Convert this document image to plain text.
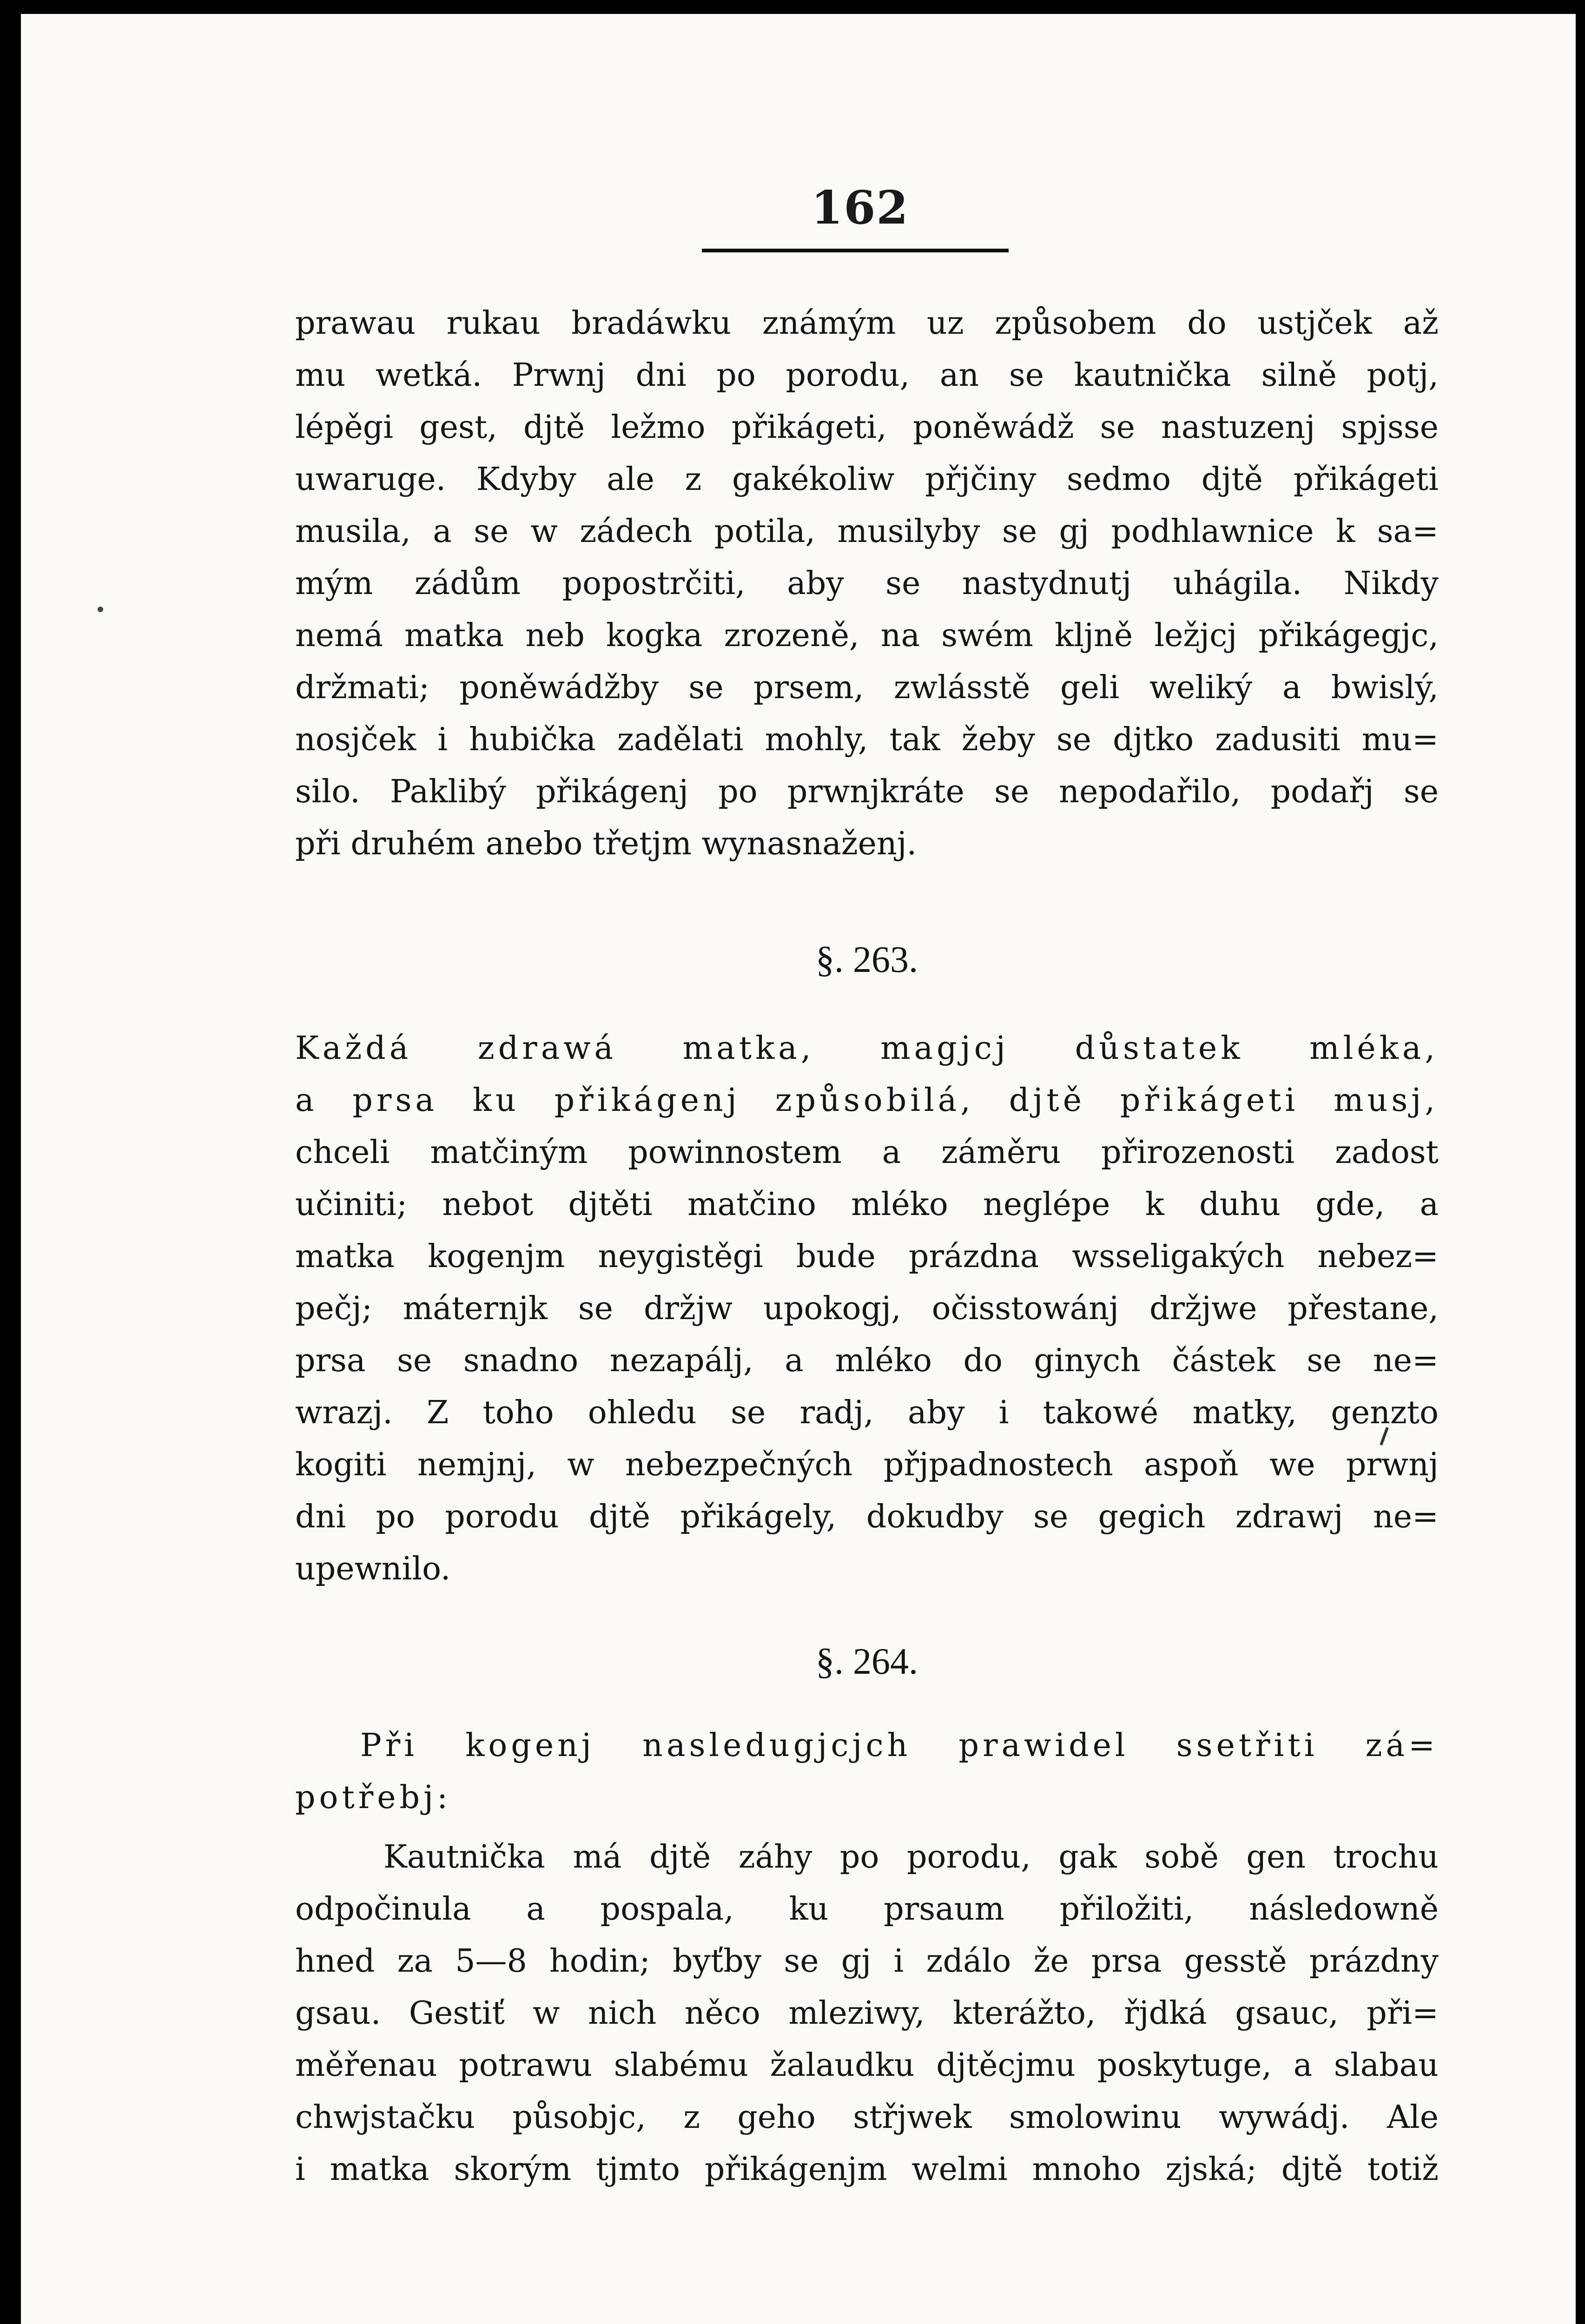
162
prawau rukau bradáwku známým uz způsobem do ustjček až
mu wetká. Prwnj dni po porodu, an se kautnička silně potj,
lépěgi gest, djtě ležmo přikágeti, poněwádž se nastuzenj spjsse
uwaruge. Kdyby ale z gakékoliw přjčiny sedmo djtě přikágeti
musila, a se w zádech potila, musilyby se gj podhlawnice k sa=
mým zádům popostrčiti, aby se nastydnutj uhágila. Nikdy
nemá matka neb kogka zrozeně, na swém kljně ležjcj přikágegjc,
držmati; poněwádžby se prsem, zwlásstě geli weliký a bwislý,
nosjček i hubička zadělati mohly, tak žeby se djtko zadusiti mu=
silo. Paklibý přikágenj po prwnjkráte se nepodařilo, podařj se
při druhém anebo třetjm wynasnaženj.
§. 263.
Každá zdrawá matka, magjcj důstatek mléka,
a prsa ku přikágenj způsobilá, djtě přikágeti musj,
chceli matčiným powinnostem a záměru přirozenosti zadost
učiniti; nebot djtěti matčino mléko neglépe k duhu gde, a
matka kogenjm neygistěgi bude prázdna wsseligakých nebez=
pečj; máternjk se držjw upokogj, očisstowánj držjwe přestane,
prsa se snadno nezapálj, a mléko do ginych částek se ne=
wrazj. Z toho ohledu se radj, aby i takowé matky, genzto
kogiti nemjnj, w nebezpečných přjpadnostech aspoň we prwnj
dni po porodu djtě přikágely, dokudby se gegich zdrawj ne=
upewnilo.
§. 264.
Při kogenj nasledugjcjch prawidel ssetřiti zá=
potřebj:
Kautnička má djtě záhy po porodu, gak sobě gen trochu
odpočinula a pospala, ku prsaum přiložiti, následowně
hned za 5—8 hodin; byťby se gj i zdálo že prsa gesstě prázdny
gsau. Gestiť w nich něco mleziwy, kterážto, řjdká gsauc, při=
měřenau potrawu slabému žalaudku djtěcjmu poskytuge, a slabau
chwjstačku působjc, z geho střjwek smolowinu wywádj. Ale
i matka skorým tjmto přikágenjm welmi mnoho zjská; djtě totiž
